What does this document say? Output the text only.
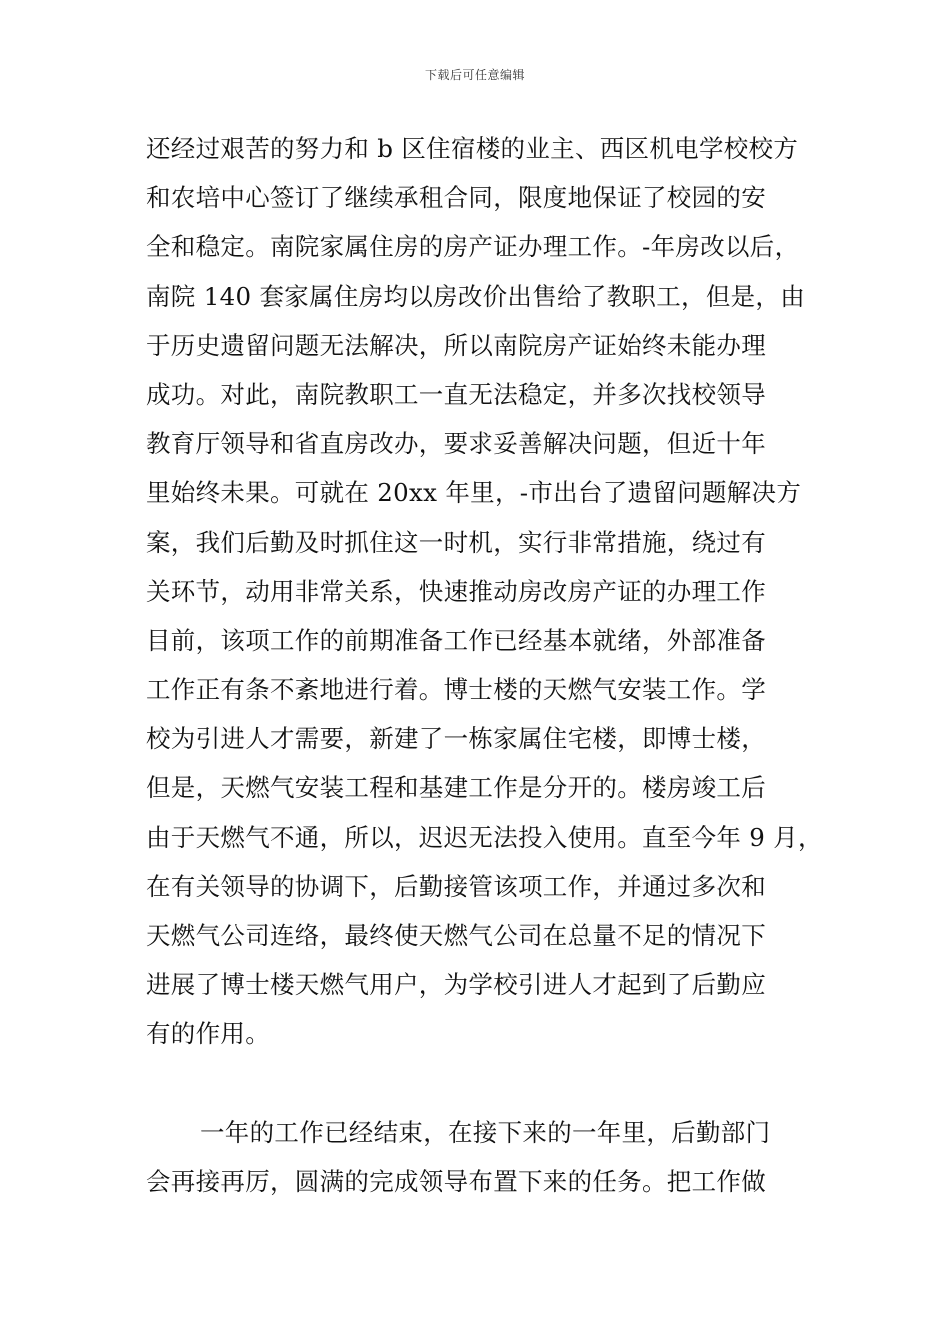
下载后可任意编辑
还经过艰苦的努力和 b 区住宿楼的业主、西区机电学校校方
和农培中心签订了继续承租合同，限度地保证了校园的安
全和稳定。南院家属住房的房产证办理工作。-年房改以后，
南院 140 套家属住房均以房改价出售给了教职工，但是，由
于历史遗留问题无法解决，所以南院房产证始终未能办理
成功。对此，南院教职工一直无法稳定，并多次找校领导
教育厅领导和省直房改办，要求妥善解决问题，但近十年
里始终未果。可就在 20xx 年里，-市出台了遗留问题解决方
案，我们后勤及时抓住这一时机，实行非常措施，绕过有
关环节，动用非常关系，快速推动房改房产证的办理工作
目前，该项工作的前期准备工作已经基本就绪，外部准备
工作正有条不紊地进行着。博士楼的天燃气安装工作。学
校为引进人才需要，新建了一栋家属住宅楼，即博士楼，
但是，天燃气安装工程和基建工作是分开的。楼房竣工后
由于天燃气不通，所以，迟迟无法投入使用。直至今年 9 月，
在有关领导的协调下，后勤接管该项工作，并通过多次和
天燃气公司连络，最终使天燃气公司在总量不足的情况下
进展了博士楼天燃气用户，为学校引进人才起到了后勤应
有的作用。
一年的工作已经结束，在接下来的一年里，后勤部门
会再接再厉，圆满的完成领导布置下来的任务。把工作做
